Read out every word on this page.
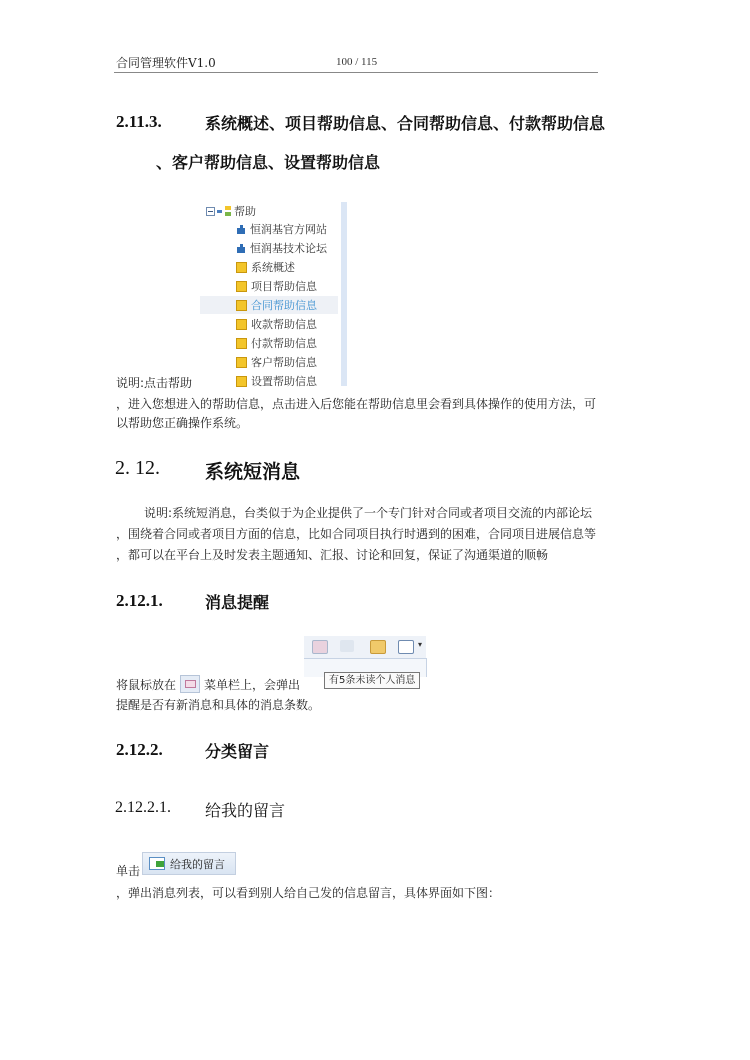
合同管理软件V1.0	100 / 115
2.11.3.	系统概述、项目帮助信息、合同帮助信息、付款帮助信息
、客户帮助信息、设置帮助信息
帮助
恒润基官方网站
恒润基技术论坛
系统概述
项目帮助信息
合同帮助信息
收款帮助信息
付款帮助信息
客户帮助信息
设置帮助信息
说明:点击帮助
，进入您想进入的帮助信息，点击进入后您能在帮助信息里会看到具体操作的使用方法，可
以帮助您正确操作系统。
2. 12. 系统短消息
说明:系统短消息，台类似于为企业提供了一个专门针对合同或者项目交流的内部论坛
，围绕着合同或者项目方面的信息，比如合同项目执行时遇到的困难，合同项目进展信息等
，都可以在平台上及时发表主题通知、汇报、讨论和回复，保证了沟通渠道的顺畅
2.12.1.	消息提醒
▾
有5条未读个人消息
将鼠标放在 菜单栏上，会弹出
提醒是否有新消息和具体的消息条数。
2.12.2.	分类留言
2.12.2.1. 给我的留言
单击	给我的留言
，弹出消息列表，可以看到别人给自己发的信息留言，具体界面如下图：
